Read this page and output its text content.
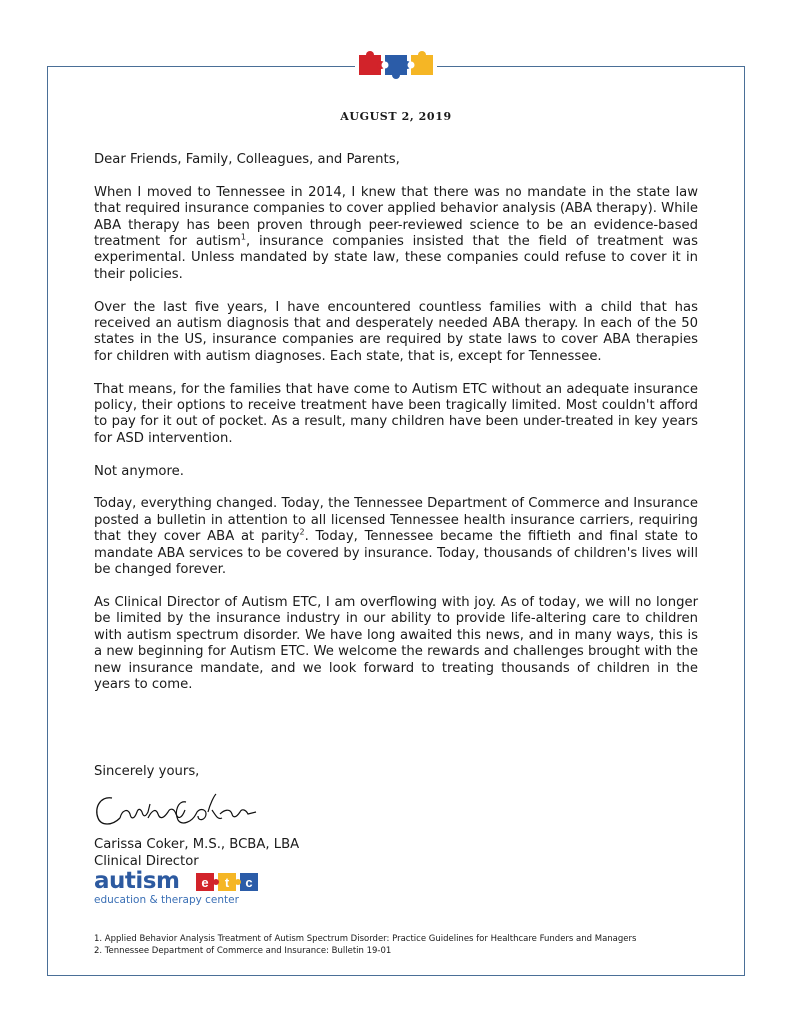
AUGUST 2, 2019

Dear Friends, Family, Colleagues, and Parents,

When I moved to Tennessee in 2014, I knew that there was no mandate in the state law that required insurance companies to cover applied behavior analysis (ABA therapy). While ABA therapy has been proven through peer-reviewed science to be an evidence-based treatment for autism$^1$, insurance companies insisted that the field of treatment was experimental. Unless mandated by state law, these companies could refuse to cover it in their policies.

Over the last five years, I have encountered countless families with a child that has received an autism diagnosis that and desperately needed ABA therapy. In each of the 50 states in the US, insurance companies are required by state laws to cover ABA therapies for children with autism diagnoses. Each state, that is, except for Tennessee.

That means, for the families that have come to Autism ETC without an adequate insurance policy, their options to receive treatment have been tragically limited. Most couldn't afford to pay for it out of pocket. As a result, many children have been under-treated in key years for ASD intervention.

Not anymore.

Today, everything changed. Today, the Tennessee Department of Commerce and Insurance posted a bulletin in attention to all licensed Tennessee health insurance carriers, requiring that they cover ABA at parity$^2$. Today, Tennessee became the fiftieth and final state to mandate ABA services to be covered by insurance. Today, thousands of children's lives will be changed forever.

As Clinical Director of Autism ETC, I am overflowing with joy. As of today, we will no longer be limited by the insurance industry in our ability to provide life-altering care to children with autism spectrum disorder. We have long awaited this news, and in many ways, this is a new beginning for Autism ETC. We welcome the rewards and challenges brought with the new insurance mandate, and we look forward to treating thousands of children in the years to come.

Sincerely yours,
Carissa Coker, M.S., BCBA, LBA
Clinical Director
autism e t c
education & therapy center
1. Applied Behavior Analysis Treatment of Autism Spectrum Disorder: Practice Guidelines for Healthcare Funders and Managers
2. Tennessee Department of Commerce and Insurance: Bulletin 19-01
